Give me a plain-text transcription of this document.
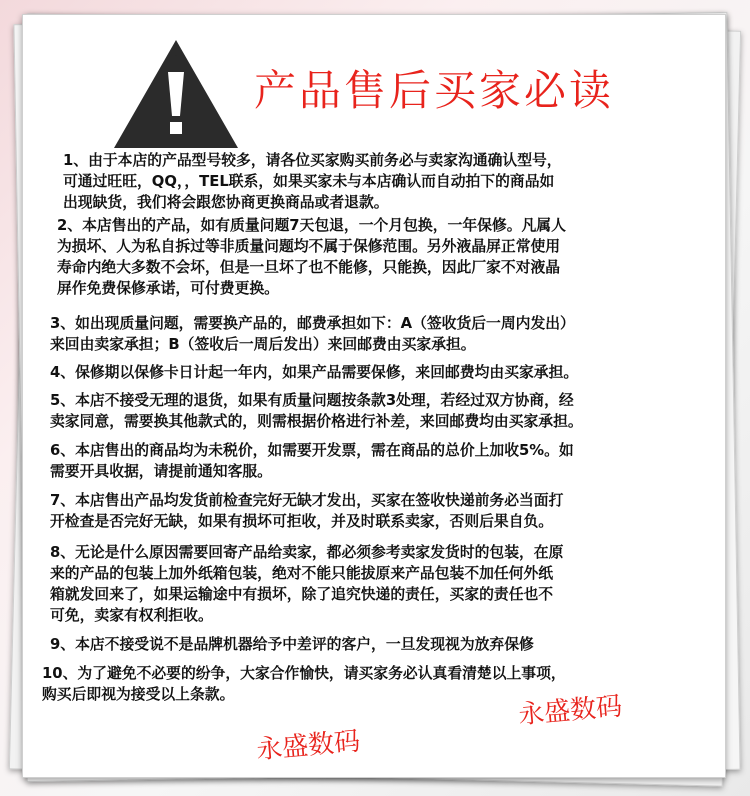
产品售后买家必读

1、由于本店的产品型号较多，请各位买家购买前务必与卖家沟通确认型号，
可通过旺旺，QQ，，TEL联系，如果买家未与本店确认而自动拍下的商品如
出现缺货，我们将会跟您协商更换商品或者退款。

2、本店售出的产品，如有质量问题7天包退，一个月包换，一年保修。凡属人
为损坏、人为私自拆过等非质量问题均不属于保修范围。另外液晶屏正常使用
寿命内绝大多数不会坏，但是一旦坏了也不能修，只能换，因此厂家不对液晶
屏作免费保修承诺，可付费更换。

3、如出现质量问题，需要换产品的，邮费承担如下：A（签收货后一周内发出）
来回由卖家承担；B（签收后一周后发出）来回邮费由买家承担。

4、保修期以保修卡日计起一年内，如果产品需要保修，来回邮费均由买家承担。

5、本店不接受无理的退货，如果有质量问题按条款3处理，若经过双方协商，经
卖家同意，需要换其他款式的，则需根据价格进行补差，来回邮费均由买家承担。

6、本店售出的商品均为未税价，如需要开发票，需在商品的总价上加收5%。如
需要开具收据，请提前通知客服。

7、本店售出产品均发货前检查完好无缺才发出，买家在签收快递前务必当面打
开检查是否完好无缺，如果有损坏可拒收，并及时联系卖家，否则后果自负。

8、无论是什么原因需要回寄产品给卖家，都必须参考卖家发货时的包装，在原
来的产品的包装上加外纸箱包装，绝对不能只能拔原来产品包装不加任何外纸
箱就发回来了，如果运输途中有损坏，除了追究快递的责任，买家的责任也不
可免，卖家有权利拒收。

9、本店不接受说不是品牌机器给予中差评的客户，一旦发现视为放弃保修

10、为了避免不必要的纷争，大家合作愉快，请买家务必认真看清楚以上事项，
购买后即视为接受以上条款。	永盛数码
永盛数码
